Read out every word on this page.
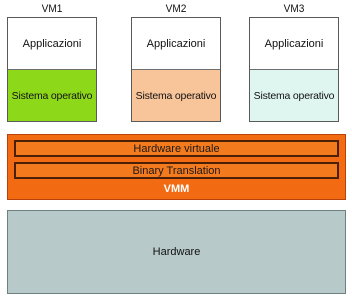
VM1
Applicazioni
Sistema operativo
VM2
Applicazioni
Sistema operativo
VM3
Applicazioni
Sistema operativo
Hardware virtuale
Binary Translation
VMM
Hardware
